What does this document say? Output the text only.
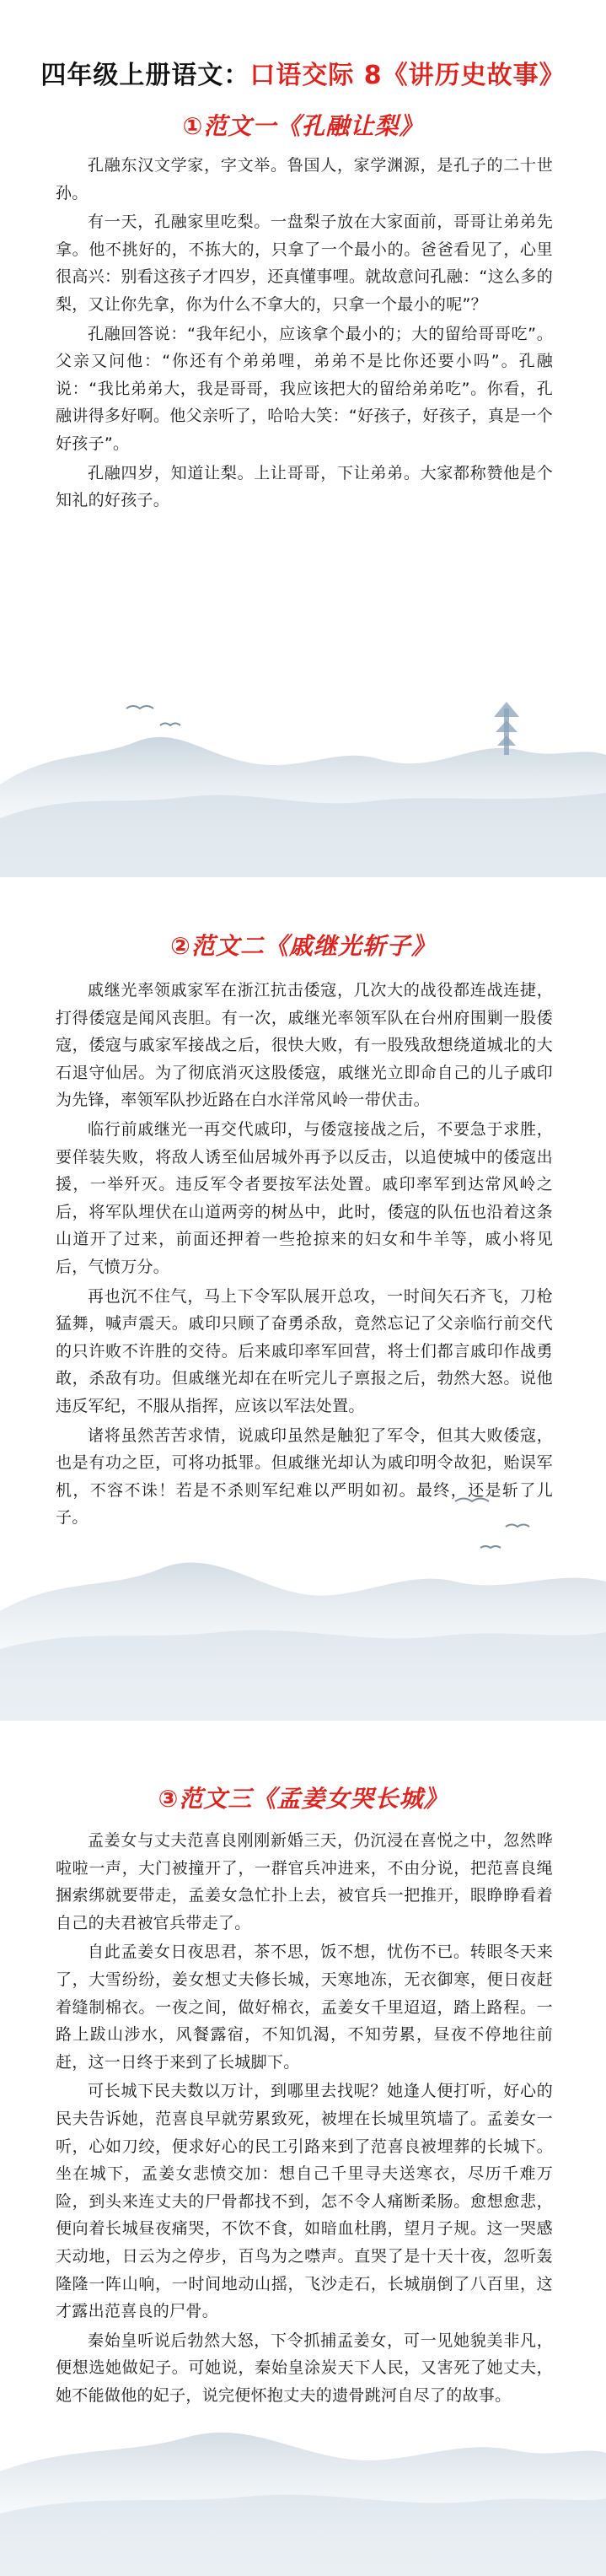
四年级上册语文：口语交际 8《讲历史故事》
①范文一《孔融让梨》

孔融东汉文学家，字文举。鲁国人，家学渊源，是孔子的二十世孙。

有一天，孔融家里吃梨。一盘梨子放在大家面前，哥哥让弟弟先拿。他不挑好的，不拣大的，只拿了一个最小的。爸爸看见了，心里很高兴：别看这孩子才四岁，还真懂事哩。就故意问孔融：“这么多的梨，又让你先拿，你为什么不拿大的，只拿一个最小的呢”？

孔融回答说：“我年纪小，应该拿个最小的；大的留给哥哥吃”。父亲又问他：“你还有个弟弟哩，弟弟不是比你还要小吗”。孔融说：“我比弟弟大，我是哥哥，我应该把大的留给弟弟吃”。你看，孔融讲得多好啊。他父亲听了，哈哈大笑：“好孩子，好孩子，真是一个好孩子”。

孔融四岁，知道让梨。上让哥哥，下让弟弟。大家都称赞他是个知礼的好孩子。

②范文二《戚继光斩子》

戚继光率领戚家军在浙江抗击倭寇，几次大的战役都连战连捷，打得倭寇是闻风丧胆。有一次，戚继光率领军队在台州府围剿一股倭寇，倭寇与戚家军接战之后，很快大败，有一股残敌想绕道城北的大石退守仙居。为了彻底消灭这股倭寇，戚继光立即命自己的儿子戚印为先锋，率领军队抄近路在白水洋常风岭一带伏击。

临行前戚继光一再交代戚印，与倭寇接战之后，不要急于求胜，要佯装失败，将敌人诱至仙居城外再予以反击，以追使城中的倭寇出援，一举歼灭。违反军令者要按军法处置。戚印率军到达常风岭之后，将军队埋伏在山道两旁的树丛中，此时，倭寇的队伍也沿着这条山道开了过来，前面还押着一些抢掠来的妇女和牛羊等，戚小将见后，气愤万分。

再也沉不住气，马上下令军队展开总攻，一时间矢石齐飞，刀枪猛舞，喊声震天。戚印只顾了奋勇杀敌，竟然忘记了父亲临行前交代的只许败不许胜的交待。后来戚印率军回营，将士们都言戚印作战勇敢，杀敌有功。但戚继光却在在听完儿子禀报之后，勃然大怒。说他违反军纪，不服从指挥，应该以军法处置。

诸将虽然苦苦求情，说戚印虽然是触犯了军令，但其大败倭寇，也是有功之臣，可将功抵罪。但戚继光却认为戚印明令故犯，贻误军机，不容不诛！若是不杀则军纪难以严明如初。最终，还是斩了儿子。

③范文三《孟姜女哭长城》

孟姜女与丈夫范喜良刚刚新婚三天，仍沉浸在喜悦之中，忽然哗啦啦一声，大门被撞开了，一群官兵冲进来，不由分说，把范喜良绳捆索绑就要带走，孟姜女急忙扑上去，被官兵一把推开，眼睁睁看着自己的夫君被官兵带走了。

自此孟姜女日夜思君，茶不思，饭不想，忧伤不已。转眼冬天来了，大雪纷纷，姜女想丈夫修长城，天寒地冻，无衣御寒，便日夜赶着缝制棉衣。一夜之间，做好棉衣，孟姜女千里迢迢，踏上路程。一路上跋山涉水，风餐露宿，不知饥渴，不知劳累，昼夜不停地往前赶，这一日终于来到了长城脚下。

可长城下民夫数以万计，到哪里去找呢？她逢人便打听，好心的民夫告诉她，范喜良早就劳累致死，被埋在长城里筑墙了。孟姜女一听，心如刀绞，便求好心的民工引路来到了范喜良被埋葬的长城下。坐在城下，孟姜女悲愤交加：想自己千里寻夫送寒衣，尽历千难万险，到头来连丈夫的尸骨都找不到，怎不令人痛断柔肠。愈想愈悲，便向着长城昼夜痛哭，不饮不食，如暗血杜鹃，望月子规。这一哭感天动地，日云为之停步，百鸟为之噤声。直哭了是十天十夜，忽听轰隆隆一阵山响，一时间地动山摇，飞沙走石，长城崩倒了八百里，这才露出范喜良的尸骨。

秦始皇听说后勃然大怒，下令抓捕孟姜女，可一见她貌美非凡，便想选她做妃子。可她说，秦始皇涂炭天下人民，又害死了她丈夫，她不能做他的妃子，说完便怀抱丈夫的遗骨跳河自尽了的故事。
